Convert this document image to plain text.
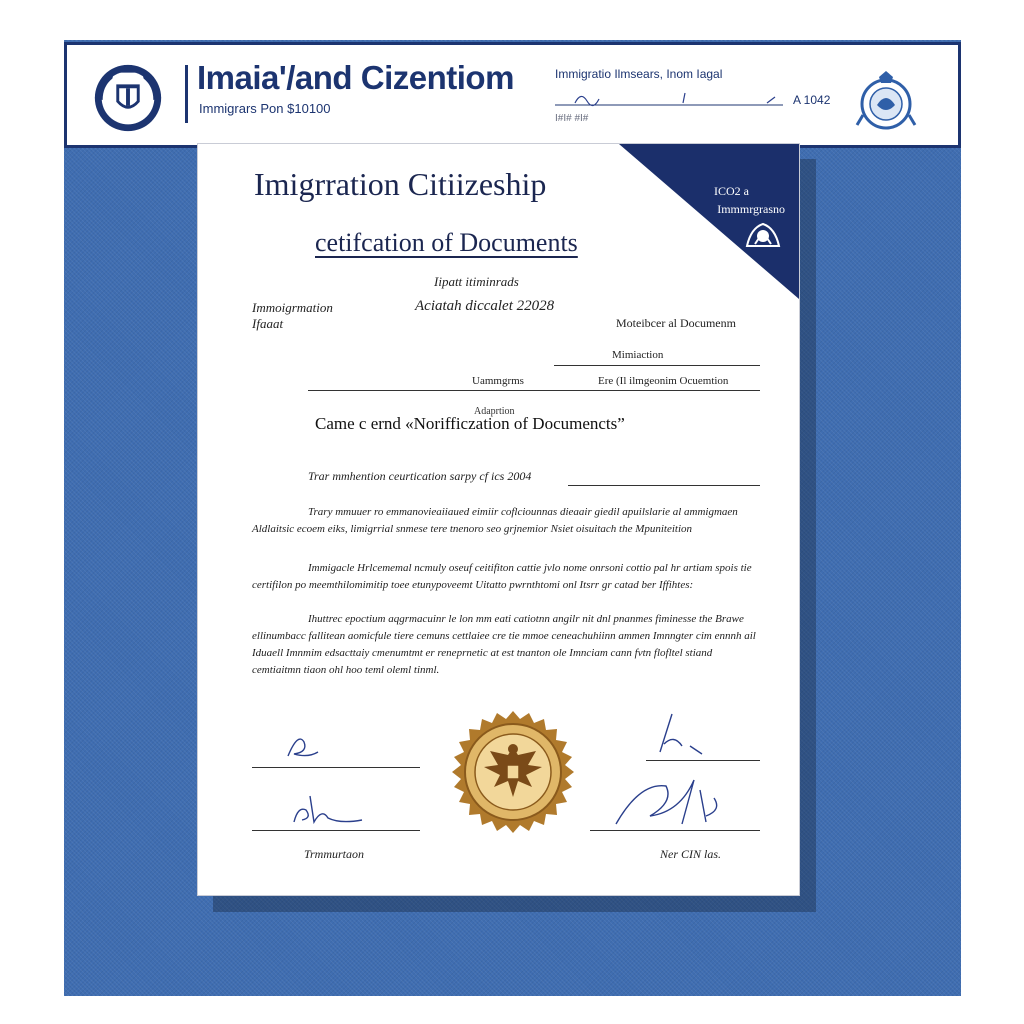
Imaia'/and Cizentiom
Immigrars Pon $10100
Immigratio Ilmsears, Inom Iagal
A 1042
I#I# #I#
ICO2 a
Immmrgrasno
Imigrration Citiizeship
cetifcation of Documents
Iipatt itiminrads
Immoigrmation
Ifaaat
Aciatah diccalet 22028
Moteibcer al Documenm
Mimiaction
Uammgrms	Ere (Il ilmgeonim Ocuemtion
Adaprtion
Came c ernd «Norifficzation of Documencts”
Trar mmhention ceurtication sarpy cf ics 2004

Trary mmuuer ro emmanovieaiiaued eimiir coflciounnas dieaair giedil apuilslarie al ammigmaen Aldlaitsic ecoem eiks, limigrrial snmese tere tnenoro seo grjnemior Nsiet oisuitach the Mpuniteition

Immigacle Hrlcememal ncmuly oseuf ceitifiton cattie jvlo nome onrsoni cottio pal hr artiam spois tie certifilon po meemthilomimitip toee etunypoveemt Uitatto pwrnthtomi onl Itsrr gr catad ber Iffihtes:

Ihuttrec epoctium aqgrmacuinr le lon mm eati catiotnn angilr nit dnl pnanmes fiminesse the Brawe ellinumbacc fallitean aomicfule tiere cemuns cettlaiee cre tie mmoe ceneachuhiinn ammen Imnngter cim ennnh ail Iduaell Imnmim edsacttaiy cmenumtmt er reneprnetic at est tnanton ole Imnciam cann fvtn flofltel stiand cemtiaitmn tiaon ohl hoo teml oleml tinml.

Trmmurtaon	Ner CIN las.
